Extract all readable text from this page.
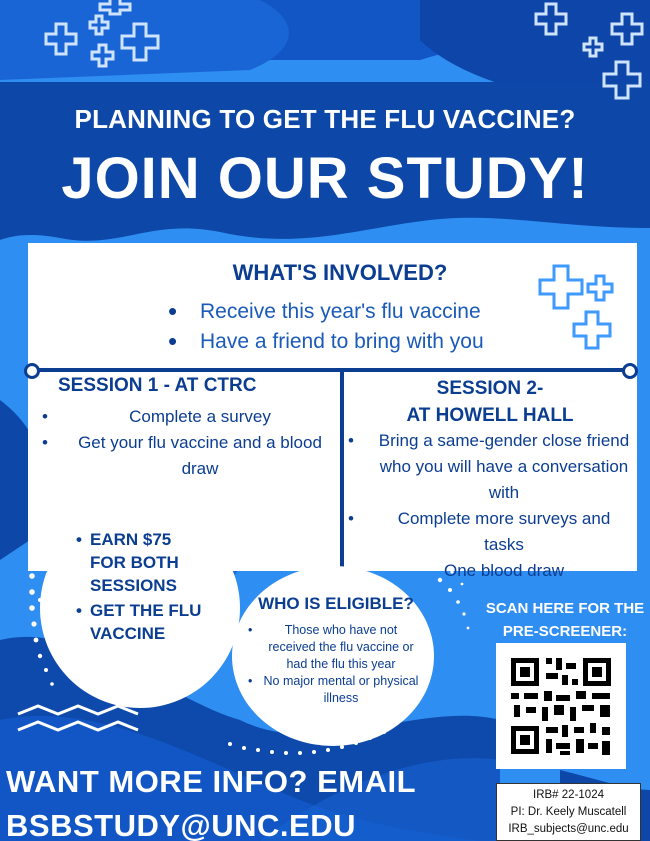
PLANNING TO GET THE FLU VACCINE?
JOIN OUR STUDY!
WHAT'S INVOLVED?
• Receive this year's flu vaccine
• Have a friend to bring with you
SESSION 1 - AT CTRC
• Complete a survey
• Get your flu vaccine and a blood draw
SESSION 2-
AT HOWELL HALL
• Bring a same-gender close friend who you will have a conversation with
• Complete more surveys and tasks
• One blood draw
• EARN $75 FOR BOTH SESSIONS
• GET THE FLU VACCINE
WHO IS ELIGIBLE?
• Those who have not received the flu vaccine or had the flu this year
• No major mental or physical illness
SCAN HERE FOR THE
PRE-SCREENER:
WANT MORE INFO? EMAIL
BSBSTUDY@UNC.EDU
IRB# 22-1024
PI: Dr. Keely Muscatell
IRB_subjects@unc.edu
